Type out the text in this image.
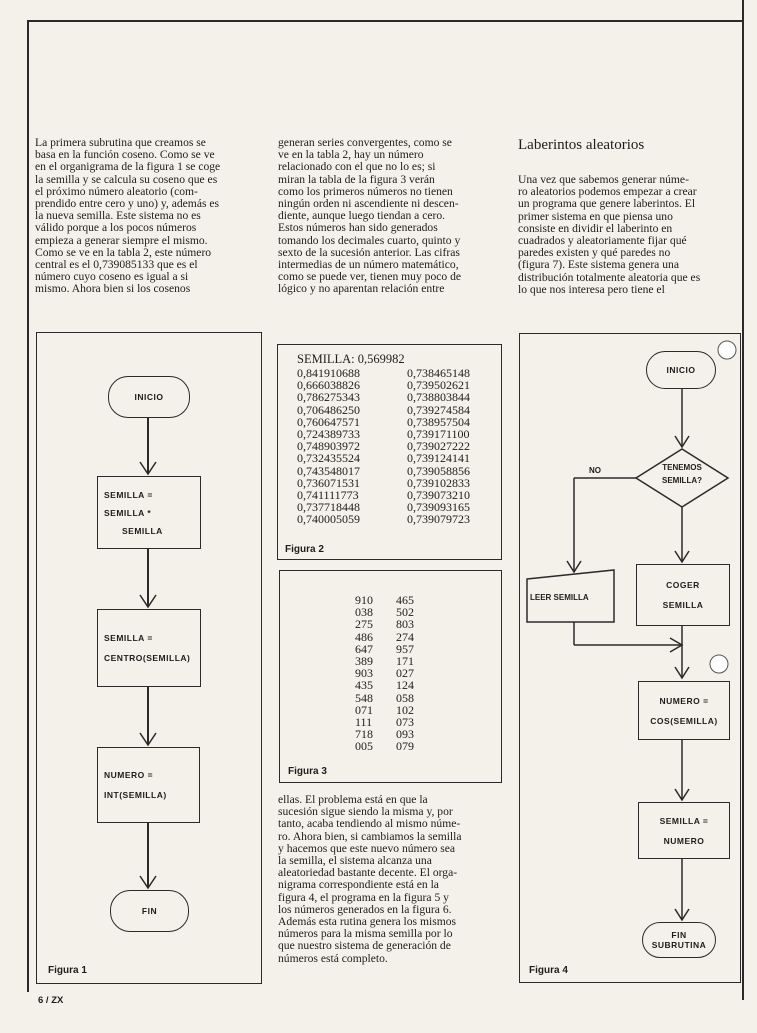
La primera subrutina que creamos se
basa en la función coseno. Como se ve
en el organigrama de la figura 1 se coge
la semilla y se calcula su coseno que es
el próximo número aleatorio (com-
prendido entre cero y uno) y, además es
la nueva semilla. Este sistema no es
válido porque a los pocos números
empieza a generar siempre el mismo.
Como se ve en la tabla 2, este número
central es el 0,739085133 que es el
número cuyo coseno es igual a si
mismo. Ahora bien si los cosenos
generan series convergentes, como se
ve en la tabla 2, hay un número
relacionado con el que no lo es; si
miran la tabla de la figura 3 verán
como los primeros números no tienen
ningún orden ni ascendiente ni descen-
diente, aunque luego tiendan a cero.
Estos números han sido generados
tomando los decimales cuarto, quinto y
sexto de la sucesión anterior. Las cifras
intermedias de un número matemático,
como se puede ver, tienen muy poco de
lógico y no aparentan relación entre
Laberintos aleatorios
Una vez que sabemos generar núme-
ro aleatorios podemos empezar a crear
un programa que genere laberintos. El
primer sistema en que piensa uno
consiste en dividir el laberinto en
cuadrados y aleatoriamente fijar qué
paredes existen y qué paredes no
(figura 7). Este sistema genera una
distribución totalmente aleatoria que es
lo que nos interesa pero tiene el
INICIO
SEMILLA =
SEMILLA *
SEMILLA
SEMILLA =
CENTRO(SEMILLA)
NUMERO =
INT(SEMILLA)
FIN
Figura 1
SEMILLA: 0,569982
0,841910688
0,666038826
0,786275343
0,706486250
0,760647571
0,724389733
0,748903972
0,732435524
0,743548017
0,736071531
0,741111773
0,737718448
0,740005059
0,738465148
0,739502621
0,738803844
0,739274584
0,738957504
0,739171100
0,739027222
0,739124141
0,739058856
0,739102833
0,739073210
0,739093165
0,739079723
Figura 2
910
038
275
486
647
389
903
435
548
071
111
718
005
465
502
803
274
957
171
027
124
058
102
073
093
079
Figura 3
ellas. El problema está en que la
sucesión sigue siendo la misma y, por
tanto, acaba tendiendo al mismo núme-
ro. Ahora bien, si cambiamos la semilla
y hacemos que este nuevo número sea
la semilla, el sistema alcanza una
aleatoriedad bastante decente. El orga-
nigrama correspondiente está en la
figura 4, el programa en la figura 5 y
los números generados en la figura 6.
Además esta rutina genera los mismos
números para la misma semilla por lo
que nuestro sistema de generación de
números está completo.
INICIO
TENEMOS
SEMILLA?
NO
LEER SEMILLA
COGER
SEMILLA
NUMERO =
COS(SEMILLA)
SEMILLA =
NUMERO
FIN
SUBRUTINA
Figura 4
6 / ZX
